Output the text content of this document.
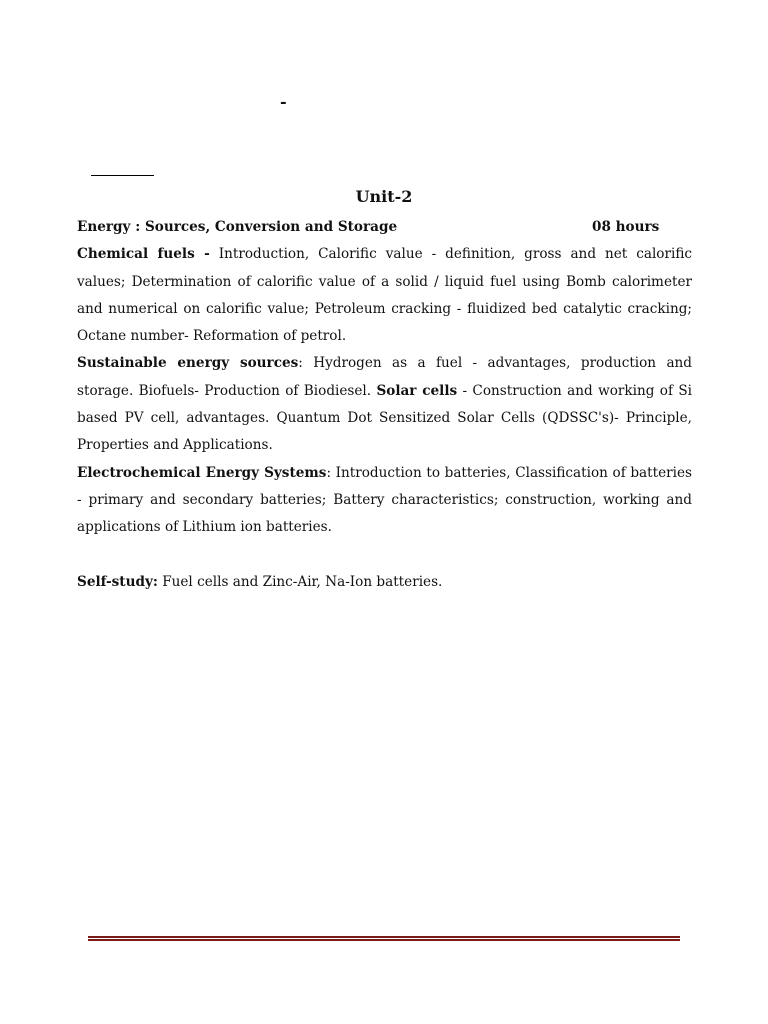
-
Unit-2
Energy : Sources, Conversion and Storage	08 hours

Chemical fuels - Introduction, Calorific value - definition, gross and net calorific values; Determination of calorific value of a solid / liquid fuel using Bomb calorimeter and numerical on calorific value; Petroleum cracking - fluidized bed catalytic cracking; Octane number- Reformation of petrol.

Sustainable energy sources: Hydrogen as a fuel - advantages, production and storage. Biofuels- Production of Biodiesel. Solar cells - Construction and working of Si based PV cell, advantages. Quantum Dot Sensitized Solar Cells (QDSSC's)- Principle, Properties and Applications.

Electrochemical Energy Systems: Introduction to batteries, Classification of batteries - primary and secondary batteries; Battery characteristics; construction, working and applications of Lithium ion batteries.

Self-study: Fuel cells and Zinc-Air, Na-Ion batteries.
